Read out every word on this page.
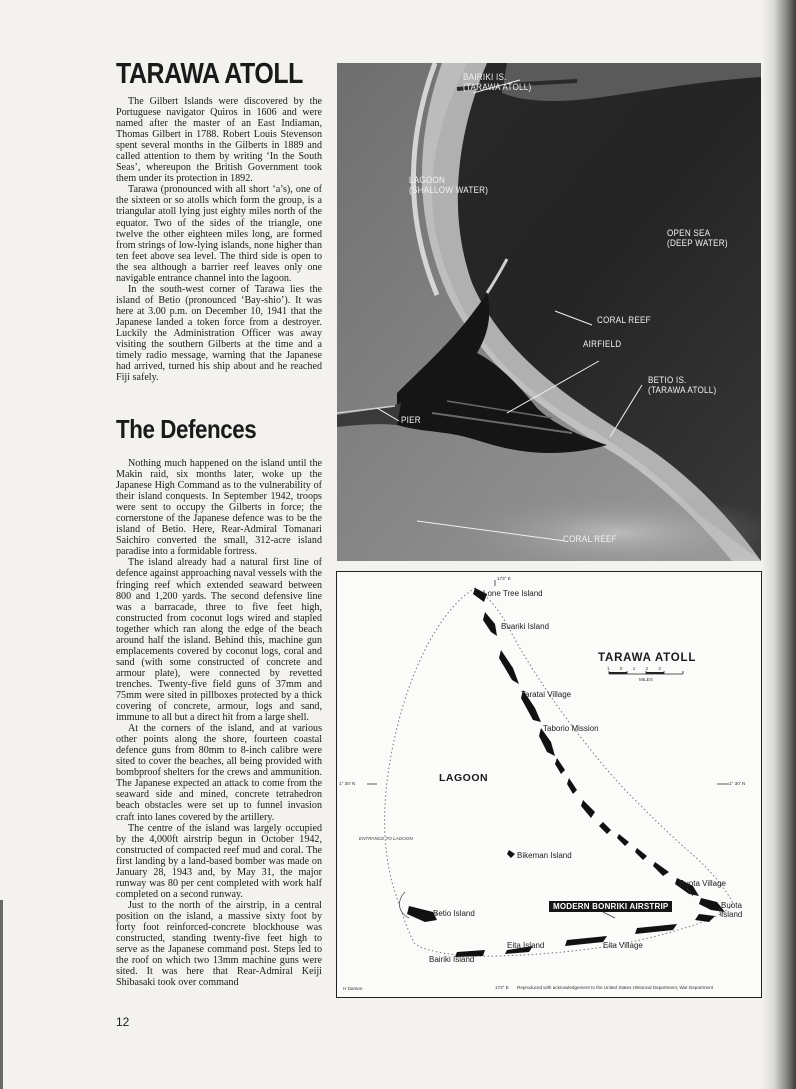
TARAWA ATOLL

The Gilbert Islands were discovered by the Portuguese navigator Quiros in 1606 and were named after the master of an East Indiaman, Thomas Gilbert in 1788. Robert Louis Stevenson spent several months in the Gilberts in 1889 and called attention to them by writing ‘In the South Seas’, whereupon the British Government took them under its protection in 1892.

Tarawa (pronounced with all short ‘a’s), one of the sixteen or so atolls which form the group, is a triangular atoll lying just eighty miles north of the equator. Two of the sides of the triangle, one twelve the other eighteen miles long, are formed from strings of low-lying islands, none higher than ten feet above sea level. The third side is open to the sea although a barrier reef leaves only one navigable entrance channel into the lagoon.

In the south-west corner of Tarawa lies the island of Betio (pronounced ‘Bay-shio’). It was here at 3.00 p.m. on December 10, 1941 that the Japanese landed a token force from a destroyer. Luckily the Administration Officer was away visiting the southern Gilberts at the time and a timely radio message, warning that the Japanese had arrived, turned his ship about and he reached Fiji safely.

The Defences

Nothing much happened on the island until the Makin raid, six months later, woke up the Japanese High Command as to the vulnerability of their island conquests. In September 1942, troops were sent to occupy the Gilberts in force; the cornerstone of the Japanese defence was to be the island of Betio. Here, Rear-Admiral Tomanari Saichiro converted the small, 312-acre island paradise into a formidable fortress.

The island already had a natural first line of defence against approaching naval vessels with the fringing reef which extended seaward between 800 and 1,200 yards. The second defensive line was a barracade, three to five feet high, constructed from coconut logs wired and stapled together which ran along the edge of the beach around half the island. Behind this, machine gun emplacements covered by coconut logs, coral and sand (with some constructed of concrete and armour plate), were connected by revetted trenches. Twenty-five field guns of 37mm and 75mm were sited in pillboxes protected by a thick covering of concrete, armour, logs and sand, immune to all but a direct hit from a large shell.

At the corners of the island, and at various other points along the shore, fourteen coastal defence guns from 80mm to 8-inch calibre were sited to cover the beaches, all being provided with bombproof shelters for the crews and ammunition. The Japanese expected an attack to come from the seaward side and mined, concrete tetrahedron beach obstacles were set up to funnel invasion craft into lanes covered by the artillery.

The centre of the island was largely occupied by the 4,000ft airstrip begun in October 1942, constructed of compacted reef mud and coral. The first landing by a land-based bomber was made on January 28, 1943 and, by May 31, the major runway was 80 per cent completed with work half completed on a second runway.

Just to the north of the airstrip, in a central position on the island, a massive sixty foot by forty foot reinforced-concrete blockhouse was constructed, standing twenty-five feet high to serve as the Japanese command post. Steps led to the roof on which two 13mm machine guns were sited. It was here that Rear-Admiral Keiji Shibasaki took over command

12
BAIRIKI IS.
(TARAWA ATOLL)
LAGOON
(SHALLOW WATER)
OPEN SEA
(DEEP WATER)
CORAL REEF
AIRFIELD
BETIO IS.
(TARAWA ATOLL)
PIER
CORAL REEF
173° E
Lone Tree Island
Buariki Island
TARAWA ATOLL
1 0 1 2 3
MILES
Taratai Village
Taborio Mission
LAGOON
1° 30' N	1° 30' N
ENTRANCE TO LAGOON
Bikeman Island
Buota Village
MODERN BONRIKI AIRSTRIP	Buota
Island
Betio Island
Eita Island	Eita Village
Bairiki Island
H Damon	173° E Reproduced with acknowledgement to the United States Historical Department, War Department
